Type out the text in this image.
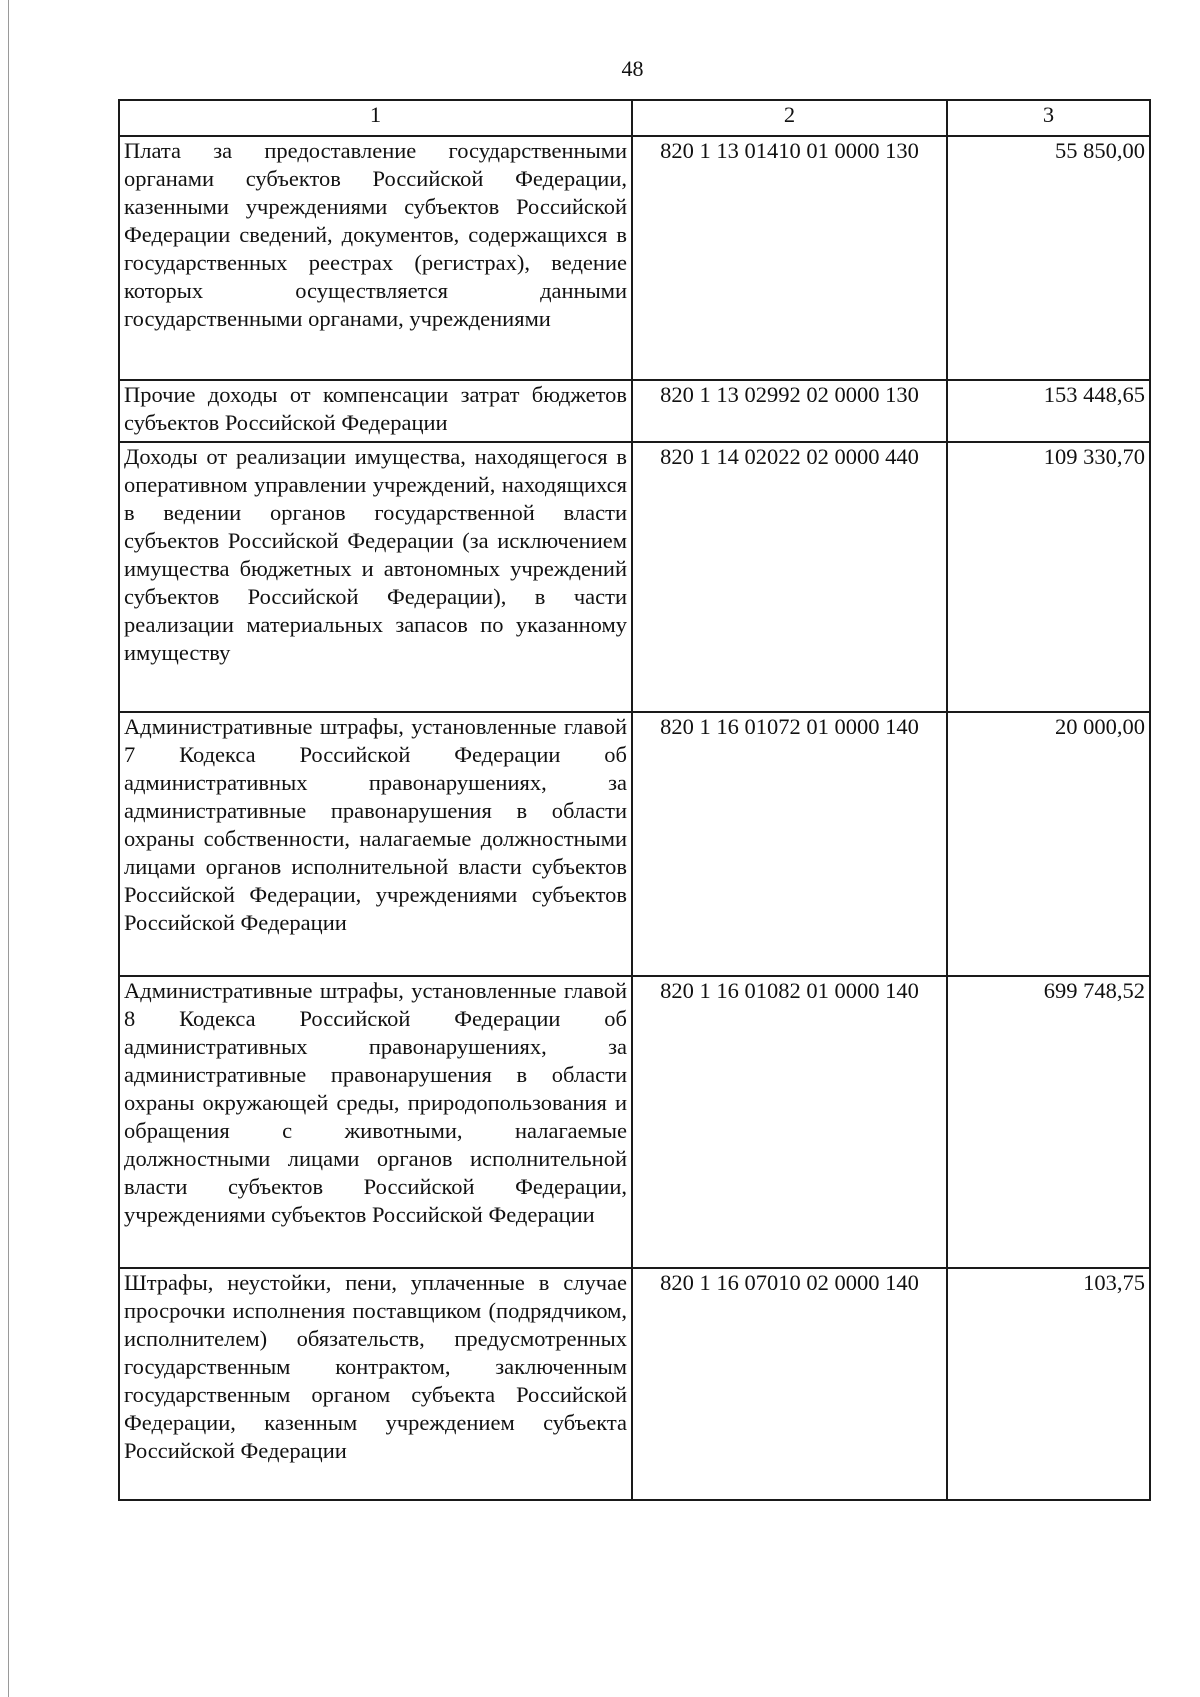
48
1	2	3
Плата за предоставление государственными органами субъектов Российской Федерации, казенными учреждениями субъектов Российской Федерации сведений, документов, содержащихся в государственных реестрах (регистрах), ведение которых осуществляется данными государственными органами, учреждениями	820 1 13 01410 01 0000 130	55 850,00
Прочие доходы от компенсации затрат бюджетов субъектов Российской Федерации	820 1 13 02992 02 0000 130	153 448,65
Доходы от реализации имущества, находящегося в оперативном управлении учреждений, находящихся в ведении органов государственной власти субъектов Российской Федерации (за исключением имущества бюджетных и автономных учреждений субъектов Российской Федерации), в части реализации материальных запасов по указанному имуществу	820 1 14 02022 02 0000 440	109 330,70
Административные штрафы, установленные главой 7 Кодекса Российской Федерации об административных правонарушениях, за административные правонарушения в области охраны собственности, налагаемые должностными лицами органов исполнительной власти субъектов Российской Федерации, учреждениями субъектов Российской Федерации	820 1 16 01072 01 0000 140	20 000,00
Административные штрафы, установленные главой 8 Кодекса Российской Федерации об административных правонарушениях, за административные правонарушения в области охраны окружающей среды, природопользования и обращения с животными, налагаемые должностными лицами органов исполнительной власти субъектов Российской Федерации, учреждениями субъектов Российской Федерации	820 1 16 01082 01 0000 140	699 748,52
Штрафы, неустойки, пени, уплаченные в случае просрочки исполнения поставщиком (подрядчиком, исполнителем) обязательств, предусмотренных государственным контрактом, заключенным государственным органом субъекта Российской Федерации, казенным учреждением субъекта Российской Федерации	820 1 16 07010 02 0000 140	103,75
